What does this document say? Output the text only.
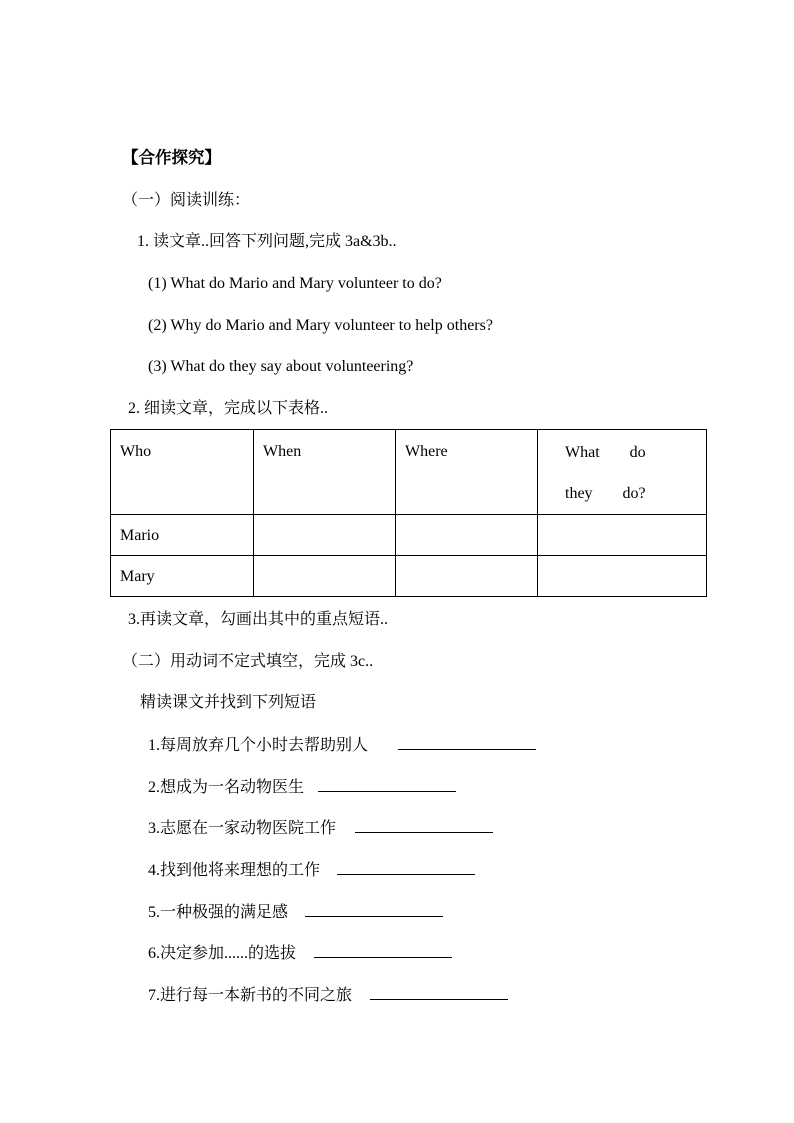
【合作探究】
（一）阅读训练：
1. 读文章..回答下列问题,完成 3a&3b..
(1) What do Mario and Mary volunteer to do?
(2) Why do Mario and Mary volunteer to help others?
(3) What do they say about volunteering?
2. 细读文章，完成以下表格..
Who	When	Where	What do they do?

Mario			

Mary			

3.再读文章，勾画出其中的重点短语..
（二）用动词不定式填空，完成 3c..
精读课文并找到下列短语
1.每周放弃几个小时去帮助别人
2.想成为一名动物医生
3.志愿在一家动物医院工作
4.找到他将来理想的工作
5.一种极强的满足感
6.决定参加......的选拔
7.进行每一本新书的不同之旅
